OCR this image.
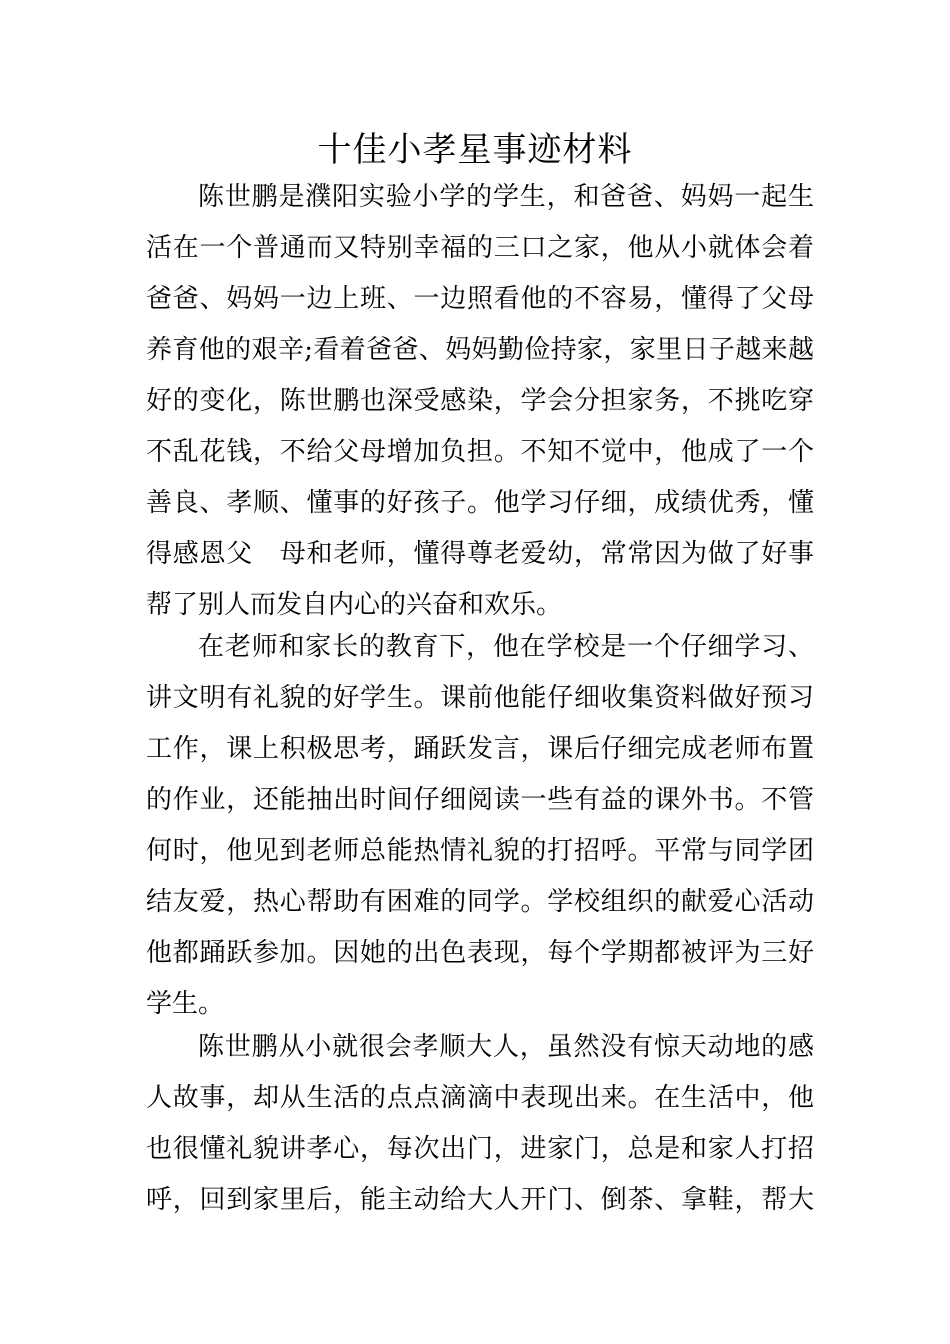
十佳小孝星事迹材料
陈世鹏是濮阳实验小学的学生，和爸爸、妈妈一起生
活在一个普通而又特别幸福的三口之家，他从小就体会着
爸爸、妈妈一边上班、一边照看他的不容易，懂得了父母
养育他的艰辛;看着爸爸、妈妈勤俭持家，家里日子越来越
好的变化，陈世鹏也深受感染，学会分担家务，不挑吃穿
不乱花钱，不给父母增加负担。不知不觉中，他成了一个
善良、孝顺、懂事的好孩子。他学习仔细，成绩优秀，懂
得感恩父　母和老师，懂得尊老爱幼，常常因为做了好事
帮了别人而发自内心的兴奋和欢乐。
在老师和家长的教育下，他在学校是一个仔细学习、
讲文明有礼貌的好学生。课前他能仔细收集资料做好预习
工作，课上积极思考，踊跃发言，课后仔细完成老师布置
的作业，还能抽出时间仔细阅读一些有益的课外书。不管
何时，他见到老师总能热情礼貌的打招呼。平常与同学团
结友爱，热心帮助有困难的同学。学校组织的献爱心活动
他都踊跃参加。因她的出色表现，每个学期都被评为三好
学生。
陈世鹏从小就很会孝顺大人，虽然没有惊天动地的感
人故事，却从生活的点点滴滴中表现出来。在生活中，他
也很懂礼貌讲孝心，每次出门，进家门，总是和家人打招
呼，回到家里后，能主动给大人开门、倒茶、拿鞋，帮大
